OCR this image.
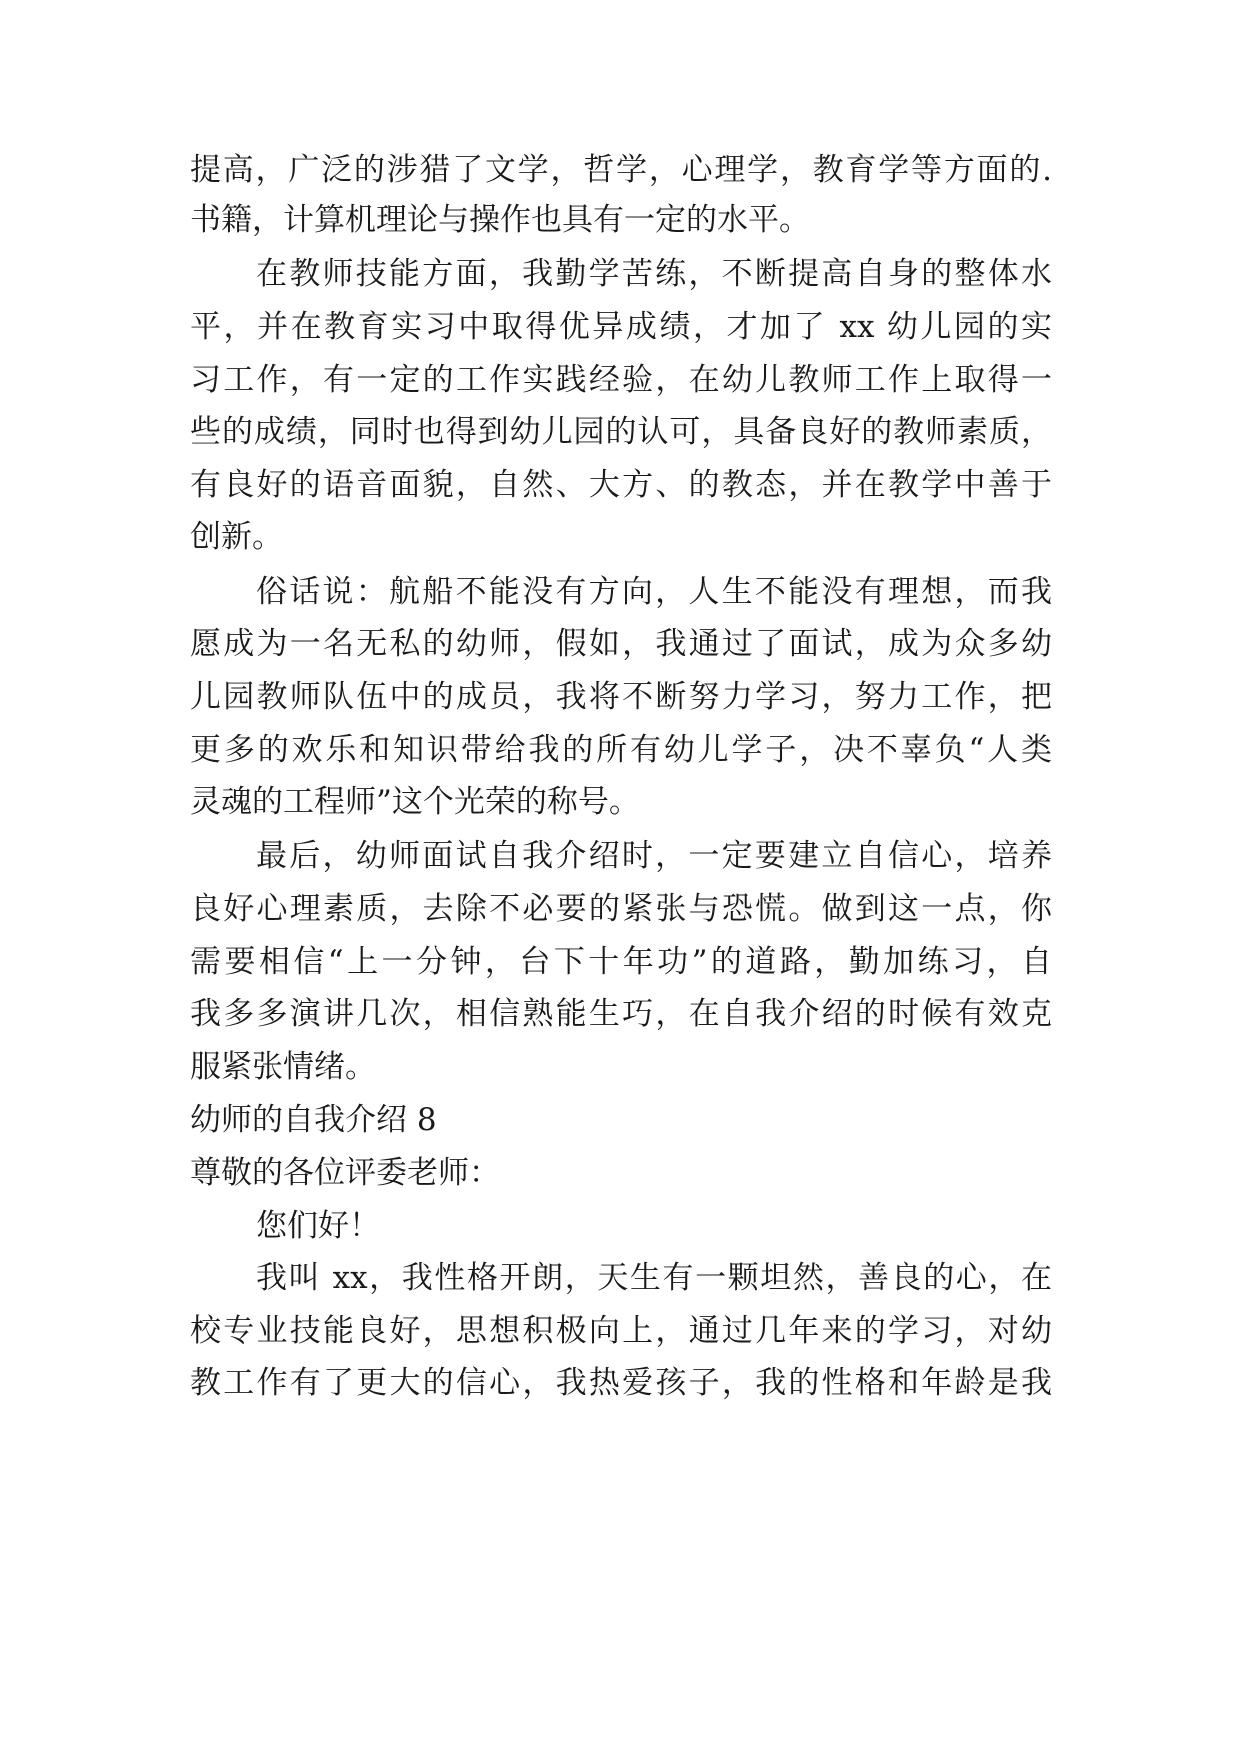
提高，广泛的涉猎了文学，哲学，心理学，教育学等方面的.
书籍，计算机理论与操作也具有一定的水平。
在教师技能方面，我勤学苦练，不断提高自身的整体水
平，并在教育实习中取得优异成绩，才加了 xx 幼儿园的实
习工作，有一定的工作实践经验，在幼儿教师工作上取得一
些的成绩，同时也得到幼儿园的认可，具备良好的教师素质，
有良好的语音面貌，自然、大方、的教态，并在教学中善于
创新。
俗话说：航船不能没有方向，人生不能没有理想，而我
愿成为一名无私的幼师，假如，我通过了面试，成为众多幼
儿园教师队伍中的成员，我将不断努力学习，努力工作，把
更多的欢乐和知识带给我的所有幼儿学子，决不辜负“人类
灵魂的工程师”这个光荣的称号。
最后，幼师面试自我介绍时，一定要建立自信心，培养
良好心理素质，去除不必要的紧张与恐慌。做到这一点，你
需要相信“上一分钟，台下十年功”的道路，勤加练习，自
我多多演讲几次，相信熟能生巧，在自我介绍的时候有效克
服紧张情绪。
幼师的自我介绍 8
尊敬的各位评委老师：
您们好！
我叫 xx，我性格开朗，天生有一颗坦然，善良的心，在
校专业技能良好，思想积极向上，通过几年来的学习，对幼
教工作有了更大的信心，我热爱孩子，我的性格和年龄是我
